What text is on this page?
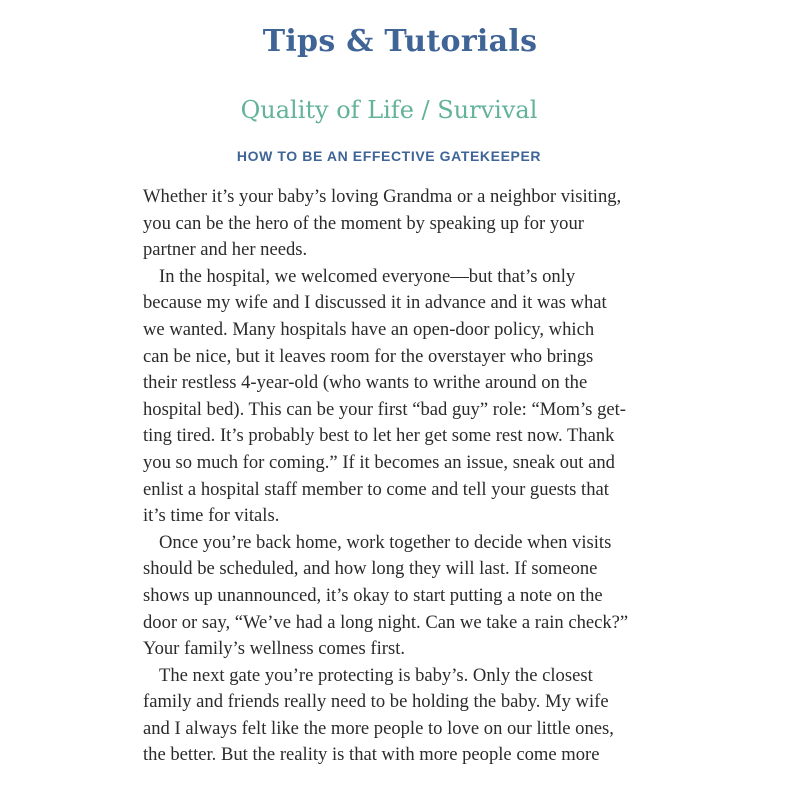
Tips & Tutorials
Quality of Life / Survival
HOW TO BE AN EFFECTIVE GATEKEEPER
Whether it’s your baby’s loving Grandma or a neighbor visiting,
you can be the hero of the moment by speaking up for your
partner and her needs.
In the hospital, we welcomed everyone—but that’s only
because my wife and I discussed it in advance and it was what
we wanted. Many hospitals have an open-door policy, which
can be nice, but it leaves room for the overstayer who brings
their restless 4-year-old (who wants to writhe around on the
hospital bed). This can be your first “bad guy” role: “Mom’s get-
ting tired. It’s probably best to let her get some rest now. Thank
you so much for coming.” If it becomes an issue, sneak out and
enlist a hospital staff member to come and tell your guests that
it’s time for vitals.
Once you’re back home, work together to decide when visits
should be scheduled, and how long they will last. If someone
shows up unannounced, it’s okay to start putting a note on the
door or say, “We’ve had a long night. Can we take a rain check?”
Your family’s wellness comes first.
The next gate you’re protecting is baby’s. Only the closest
family and friends really need to be holding the baby. My wife
and I always felt like the more people to love on our little ones,
the better. But the reality is that with more people come more
